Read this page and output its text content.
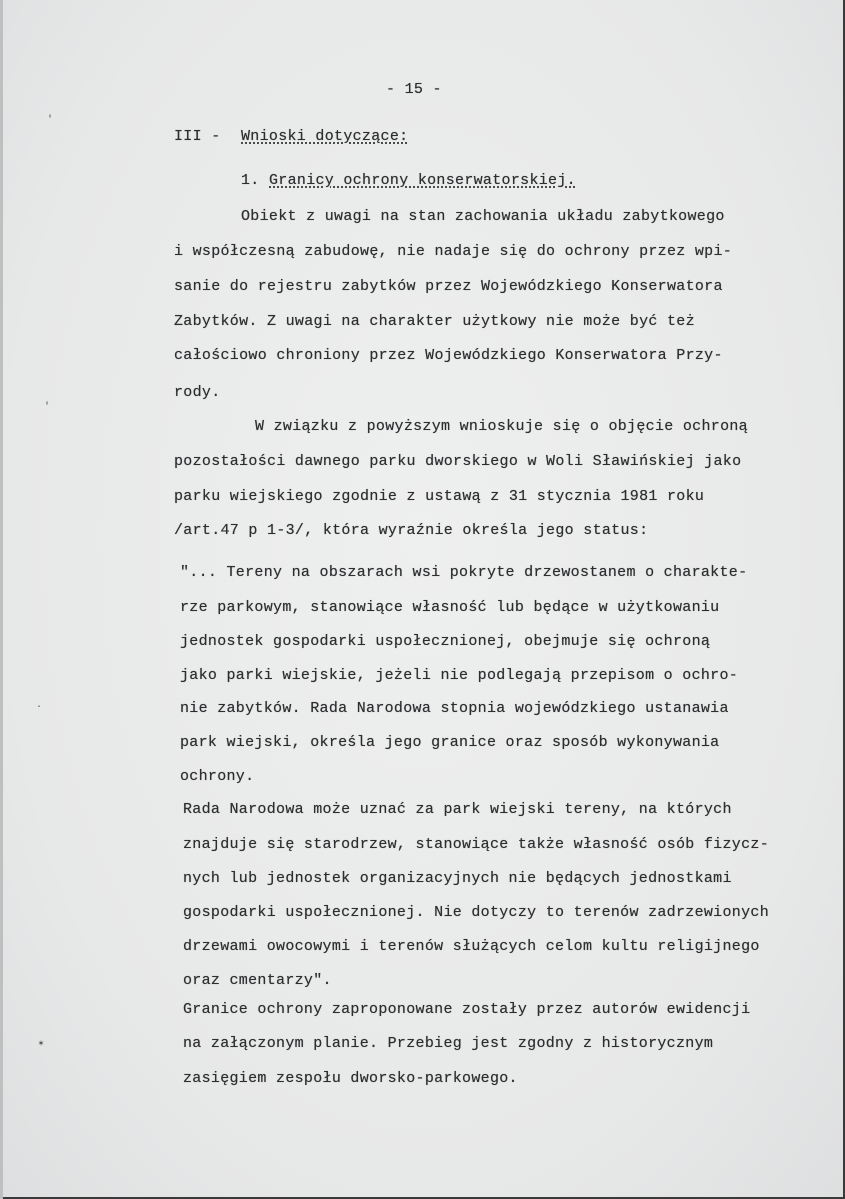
- 15 -
III - Wnioski dotyczące:
1. Granicy ochrony konserwatorskiej.
Obiekt z uwagi na stan zachowania układu zabytkowego
i współczesną zabudowę, nie nadaje się do ochrony przez wpi-
sanie do rejestru zabytków przez Wojewódzkiego Konserwatora
Zabytków. Z uwagi na charakter użytkowy nie może być też
całościowo chroniony przez Wojewódzkiego Konserwatora Przy-
rody.
W związku z powyższym wnioskuje się o objęcie ochroną
pozostałości dawnego parku dworskiego w Woli Sławińskiej jako
parku wiejskiego zgodnie z ustawą z 31 stycznia 1981 roku
/art.47 p 1-3/, która wyraźnie określa jego status:
"... Tereny na obszarach wsi pokryte drzewostanem o charakte-
rze parkowym, stanowiące własność lub będące w użytkowaniu
jednostek gospodarki uspołecznionej, obejmuje się ochroną
jako parki wiejskie, jeżeli nie podlegają przepisom o ochro-
nie zabytków. Rada Narodowa stopnia wojewódzkiego ustanawia
park wiejski, określa jego granice oraz sposób wykonywania
ochrony.
Rada Narodowa może uznać za park wiejski tereny, na których
znajduje się starodrzew, stanowiące także własność osób fizycz-
nych lub jednostek organizacyjnych nie będących jednostkami
gospodarki uspołecznionej. Nie dotyczy to terenów zadrzewionych
drzewami owocowymi i terenów służących celom kultu religijnego
oraz cmentarzy".
Granice ochrony zaproponowane zostały przez autorów ewidencji
na załączonym planie. Przebieg jest zgodny z historycznym
zasięgiem zespołu dworsko-parkowego.
'
'
.
✶
